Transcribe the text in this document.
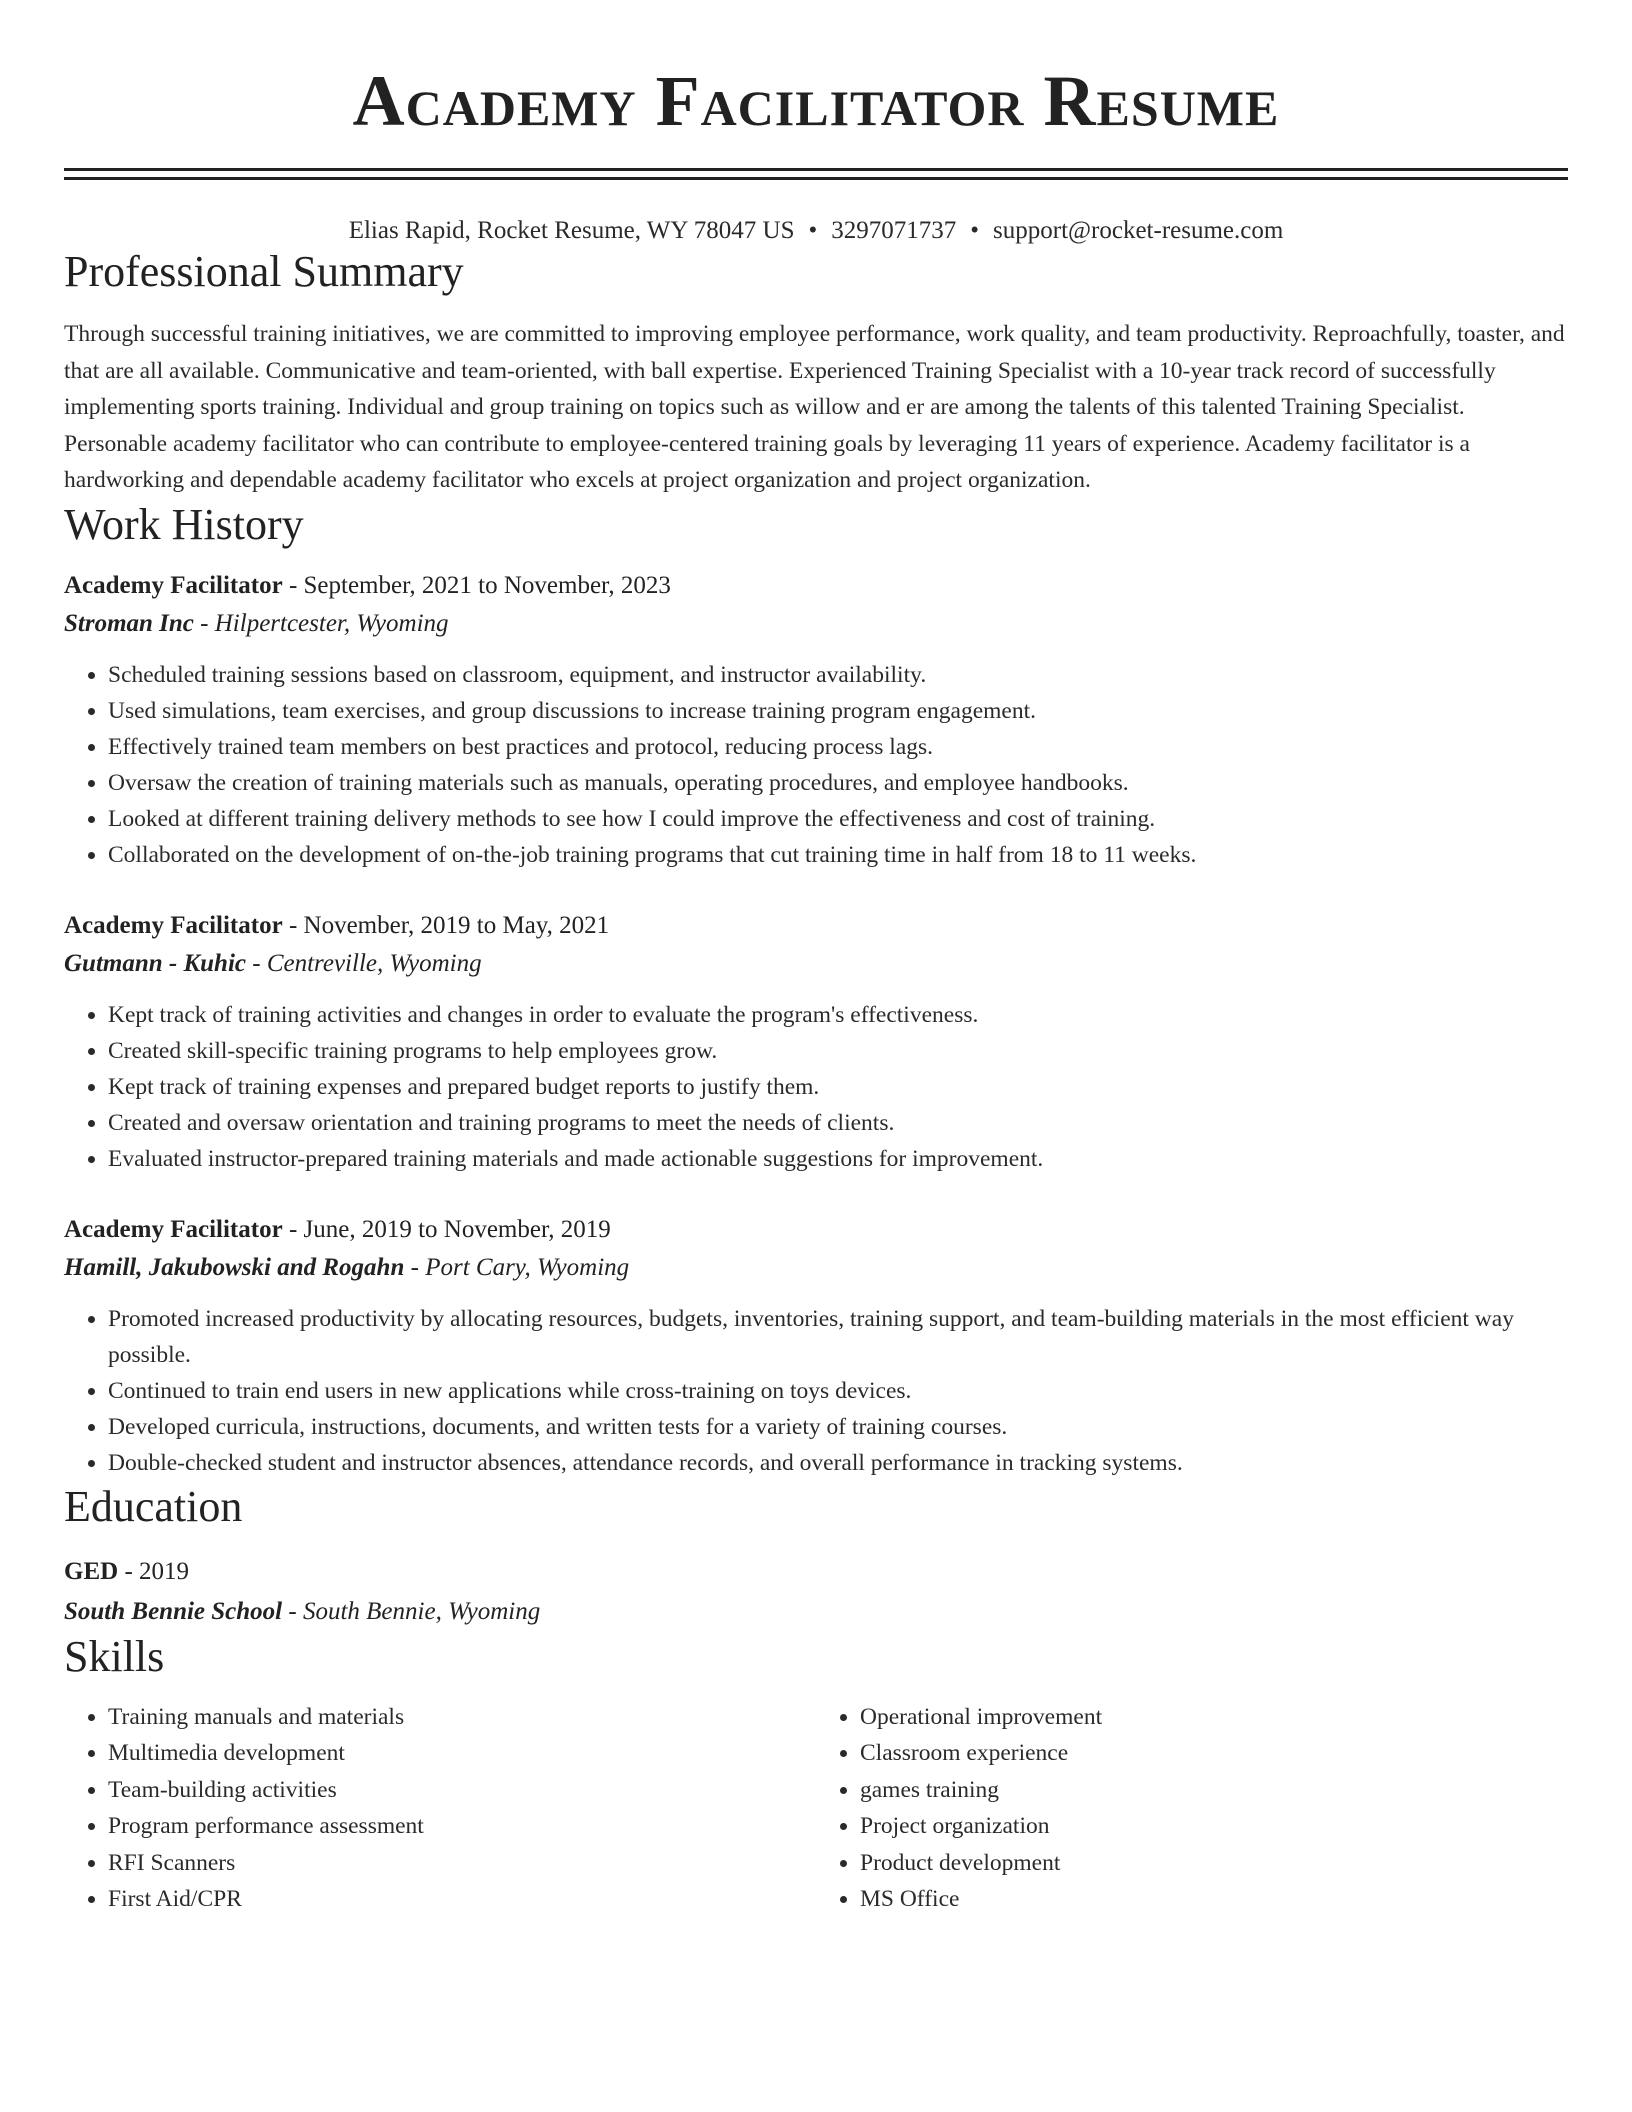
Academy Facilitator Resume
Elias Rapid, Rocket Resume, WY 78047 US • 3297071737 • support@rocket-resume.com
Professional Summary

Through successful training initiatives, we are committed to improving employee performance, work quality, and team productivity. Reproachfully, toaster, and that are all available. Communicative and team-oriented, with ball expertise. Experienced Training Specialist with a 10-year track record of successfully implementing sports training. Individual and group training on topics such as willow and er are among the talents of this talented Training Specialist. Personable academy facilitator who can contribute to employee-centered training goals by leveraging 11 years of experience. Academy facilitator is a hardworking and dependable academy facilitator who excels at project organization and project organization.

Work History
Academy Facilitator - September, 2021 to November, 2023
Stroman Inc - Hilpertcester, Wyoming
• Scheduled training sessions based on classroom, equipment, and instructor availability.
• Used simulations, team exercises, and group discussions to increase training program engagement.
• Effectively trained team members on best practices and protocol, reducing process lags.
• Oversaw the creation of training materials such as manuals, operating procedures, and employee handbooks.
• Looked at different training delivery methods to see how I could improve the effectiveness and cost of training.
• Collaborated on the development of on-the-job training programs that cut training time in half from 18 to 11 weeks.
Academy Facilitator - November, 2019 to May, 2021
Gutmann - Kuhic - Centreville, Wyoming
• Kept track of training activities and changes in order to evaluate the program's effectiveness.
• Created skill-specific training programs to help employees grow.
• Kept track of training expenses and prepared budget reports to justify them.
• Created and oversaw orientation and training programs to meet the needs of clients.
• Evaluated instructor-prepared training materials and made actionable suggestions for improvement.
Academy Facilitator - June, 2019 to November, 2019
Hamill, Jakubowski and Rogahn - Port Cary, Wyoming
• Promoted increased productivity by allocating resources, budgets, inventories, training support, and team-building materials in the most efficient way possible.
• Continued to train end users in new applications while cross-training on toys devices.
• Developed curricula, instructions, documents, and written tests for a variety of training courses.
• Double-checked student and instructor absences, attendance records, and overall performance in tracking systems.
Education
GED - 2019
South Bennie School - South Bennie, Wyoming
Skills
• Training manuals and materials
• Multimedia development
• Team-building activities
• Program performance assessment
• RFI Scanners
• First Aid/CPR
• Operational improvement
• Classroom experience
• games training
• Project organization
• Product development
• MS Office
